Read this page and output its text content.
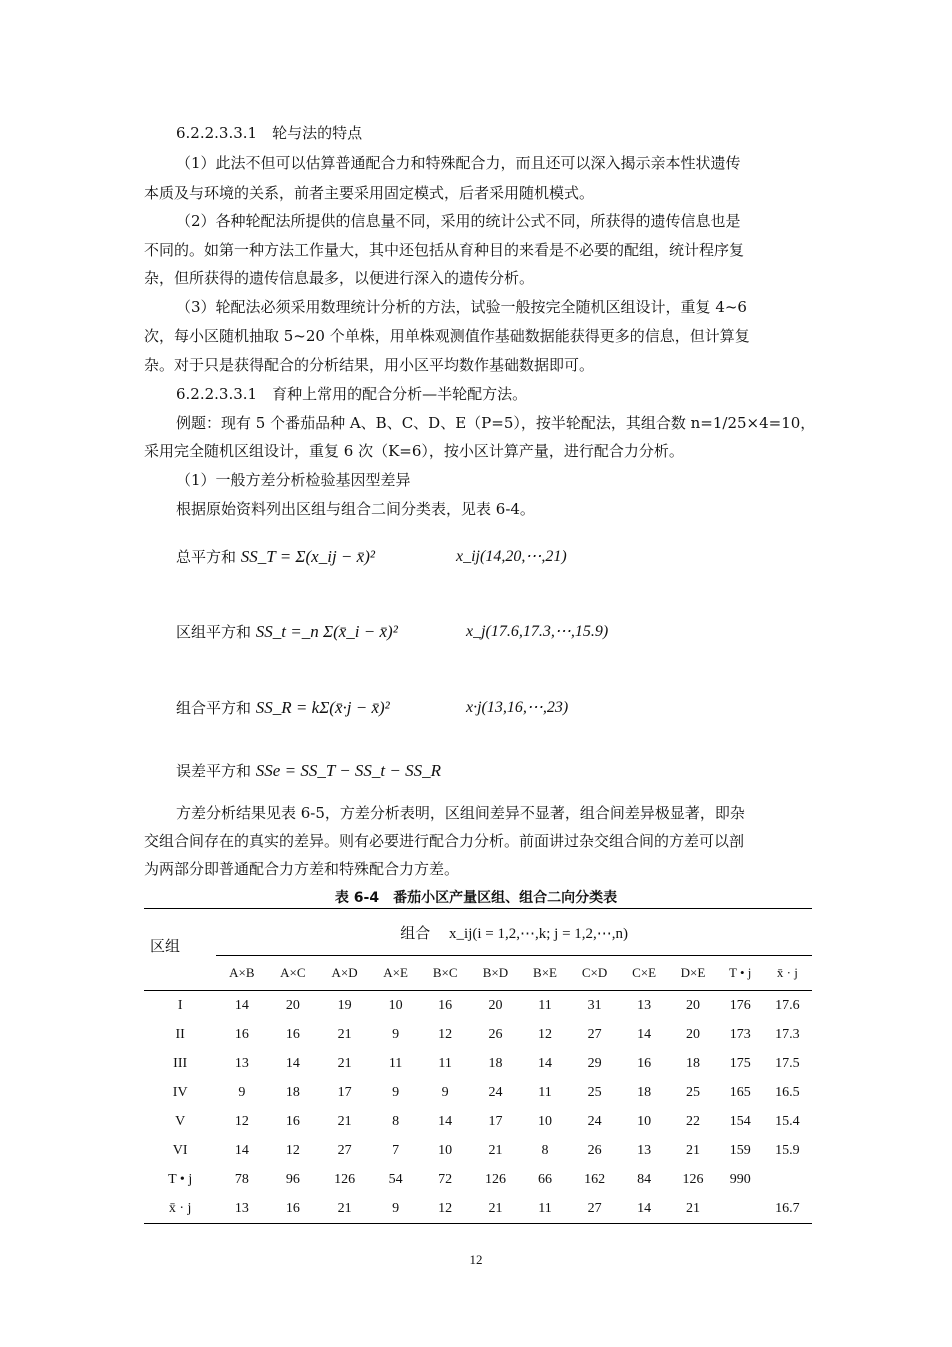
6.2.2.3.3.1　轮与法的特点
（1）此法不但可以估算普通配合力和特殊配合力，而且还可以深入揭示亲本性状遗传
本质及与环境的关系，前者主要采用固定模式，后者采用随机模式。
（2）各种轮配法所提供的信息量不同，采用的统计公式不同，所获得的遗传信息也是
不同的。如第一种方法工作量大，其中还包括从育种目的来看是不必要的配组，统计程序复
杂，但所获得的遗传信息最多，以便进行深入的遗传分析。
（3）轮配法必须采用数理统计分析的方法，试验一般按完全随机区组设计，重复 4~6
次，每小区随机抽取 5~20 个单株，用单株观测值作基础数据能获得更多的信息，但计算复
杂。对于只是获得配合的分析结果，用小区平均数作基础数据即可。
6.2.2.3.3.1　育种上常用的配合分析—半轮配方法。
例题：现有 5 个番茄品种 A、B、C、D、E（P=5），按半轮配法，其组合数 n=1/25×4=10，
采用完全随机区组设计，重复 6 次（K=6），按小区计算产量，进行配合力分析。
（1）一般方差分析检验基因型差异
根据原始资料列出区组与组合二间分类表，见表 6-4。
总平方和 SS_T = Σ(x_ij − x̄)²	x_ij(14,20,⋯,21)
区组平方和 SS_t =_n Σ(x̄_i − x̄)²	x_j(17.6,17.3,⋯,15.9)
组合平方和 SS_R = kΣ(x̄·j − x̄)²	x·j(13,16,⋯,23)
误差平方和 SSe = SS_T − SS_t − SS_R
方差分析结果见表 6-5，方差分析表明，区组间差异不显著，组合间差异极显著，即杂
交组合间存在的真实的差异。则有必要进行配合力分析。前面讲过杂交组合间的方差可以剖
为两部分即普通配合力方差和特殊配合力方差。
表 6-4　番茄小区产量区组、组合二向分类表
区组	组合　 x_ij(i = 1,2,⋯,k; j = 1,2,⋯,n)											
	A×B	A×C	A×D	A×E	B×C	B×D	B×E	C×D	C×E	D×E	T • j	x̄ · j
I	14	20	19	10	16	20	11	31	13	20	176	17.6
II	16	16	21	9	12	26	12	27	14	20	173	17.3
III	13	14	21	11	11	18	14	29	16	18	175	17.5
IV	9	18	17	9	9	24	11	25	18	25	165	16.5
V	12	16	21	8	14	17	10	24	10	22	154	15.4
VI	14	12	27	7	10	21	8	26	13	21	159	15.9
T • j	78	96	126	54	72	126	66	162	84	126	990	
x̄ · j	13	16	21	9	12	21	11	27	14	21		16.7
12
